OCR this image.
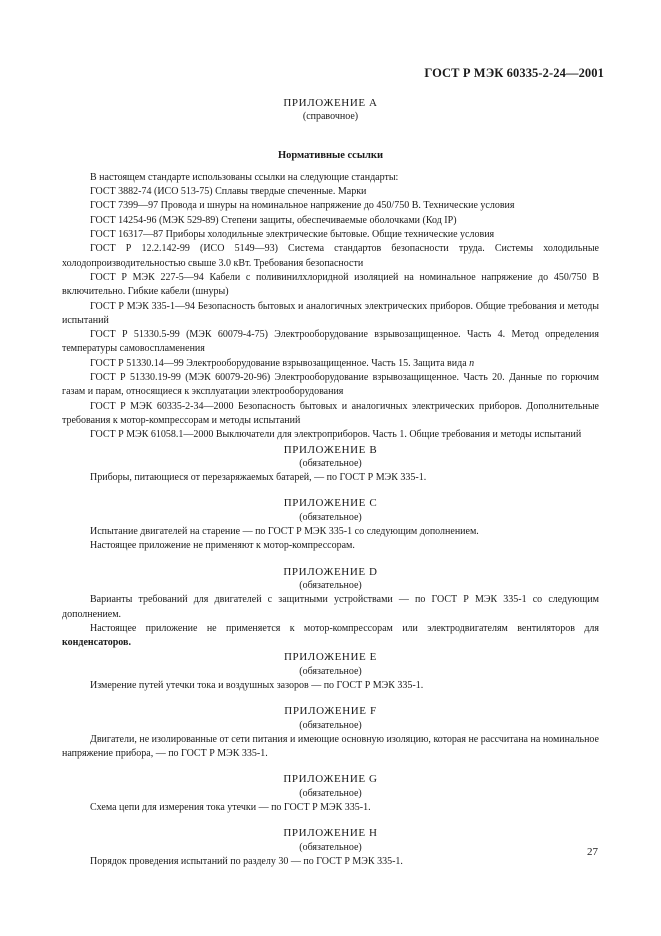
ГОСТ Р МЭК 60335-2-24—2001
ПРИЛОЖЕНИЕ А
(справочное)
Нормативные ссылки

В настоящем стандарте использованы ссылки на следующие стандарты:

ГОСТ 3882-74 (ИСО 513-75) Сплавы твердые спеченные. Марки

ГОСТ 7399—97 Провода и шнуры на номинальное напряжение до 450/750 В. Технические условия

ГОСТ 14254-96 (МЭК 529-89) Степени защиты, обеспечиваемые оболочками (Код IP)

ГОСТ 16317—87 Приборы холодильные электрические бытовые. Общие технические условия

ГОСТ Р 12.2.142-99 (ИСО 5149—93) Система стандартов безопасности труда. Системы холодильные холодопроизводительностью свыше 3.0 кВт. Требования безопасности

ГОСТ Р МЭК 227-5—94 Кабели с поливинилхлоридной изоляцией на номинальное напряжение до 450/750 В включительно. Гибкие кабели (шнуры)

ГОСТ Р МЭК 335-1—94 Безопасность бытовых и аналогичных электрических приборов. Общие требования и методы испытаний

ГОСТ Р 51330.5-99 (МЭК 60079-4-75) Электрооборудование взрывозащищенное. Часть 4. Метод определения температуры самовоспламенения

ГОСТ Р 51330.14—99 Электрооборудование взрывозащищенное. Часть 15. Защита вида n

ГОСТ Р 51330.19-99 (МЭК 60079-20-96) Электрооборудование взрывозащищенное. Часть 20. Данные по горючим газам и парам, относящиеся к эксплуатации электрооборудования

ГОСТ Р МЭК 60335-2-34—2000 Безопасность бытовых и аналогичных электрических приборов. Дополнительные требования к мотор-компрессорам и методы испытаний

ГОСТ Р МЭК 61058.1—2000 Выключатели для электроприборов. Часть 1. Общие требования и методы испытаний

ПРИЛОЖЕНИЕ В
(обязательное)

Приборы, питающиеся от перезаряжаемых батарей, — по ГОСТ Р МЭК 335-1.

ПРИЛОЖЕНИЕ С
(обязательное)

Испытание двигателей на старение — по ГОСТ Р МЭК 335-1 со следующим дополнением.

Настоящее приложение не применяют к мотор-компрессорам.

ПРИЛОЖЕНИЕ D
(обязательное)

Варианты требований для двигателей с защитными устройствами — по ГОСТ Р МЭК 335-1 со следующим дополнением.

Настоящее приложение не применяется к мотор-компрессорам или электродвигателям вентиляторов для конденсаторов.

ПРИЛОЖЕНИЕ Е
(обязательное)

Измерение путей утечки тока и воздушных зазоров — по ГОСТ Р МЭК 335-1.

ПРИЛОЖЕНИЕ F
(обязательное)

Двигатели, не изолированные от сети питания и имеющие основную изоляцию, которая не рассчитана на номинальное напряжение прибора, — по ГОСТ Р МЭК 335-1.

ПРИЛОЖЕНИЕ G
(обязательное)

Схема цепи для измерения тока утечки — по ГОСТ Р МЭК 335-1.

ПРИЛОЖЕНИЕ Н
(обязательное)

Порядок проведения испытаний по разделу 30 — по ГОСТ Р МЭК 335-1.

27
